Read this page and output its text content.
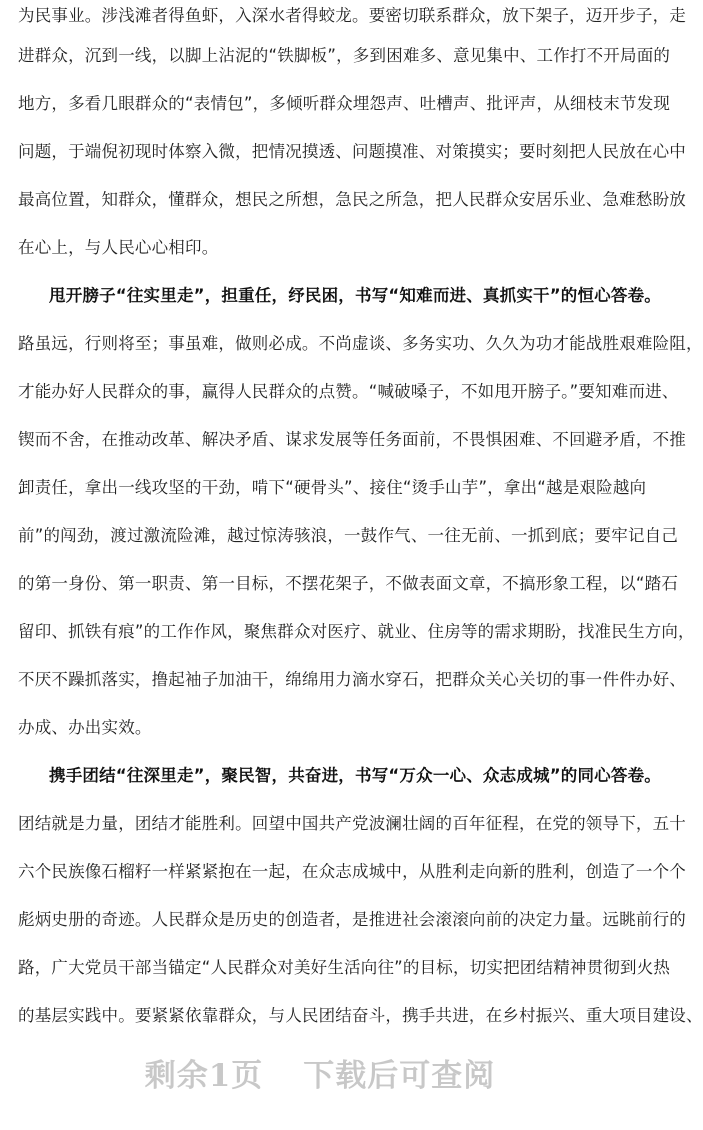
为民事业。涉浅滩者得鱼虾，入深水者得蛟龙。要密切联系群众，放下架子，迈开步子，走
进群众，沉到一线，以脚上沾泥的“铁脚板”，多到困难多、意见集中、工作打不开局面的
地方，多看几眼群众的“表情包”，多倾听群众埋怨声、吐槽声、批评声，从细枝末节发现
问题，于端倪初现时体察入微，把情况摸透、问题摸准、对策摸实；要时刻把人民放在心中
最高位置，知群众，懂群众，想民之所想，急民之所急，把人民群众安居乐业、急难愁盼放
在心上，与人民心心相印。
甩开膀子“往实里走”，担重任，纾民困，书写“知难而进、真抓实干”的恒心答卷。
路虽远，行则将至；事虽难，做则必成。不尚虚谈、多务实功、久久为功才能战胜艰难险阻，
才能办好人民群众的事，赢得人民群众的点赞。“喊破嗓子，不如甩开膀子。”要知难而进、
锲而不舍，在推动改革、解决矛盾、谋求发展等任务面前，不畏惧困难、不回避矛盾，不推
卸责任，拿出一线攻坚的干劲，啃下“硬骨头”、接住“烫手山芋”，拿出“越是艰险越向
前”的闯劲，渡过激流险滩，越过惊涛骇浪，一鼓作气、一往无前、一抓到底；要牢记自己
的第一身份、第一职责、第一目标，不摆花架子，不做表面文章，不搞形象工程，以“踏石
留印、抓铁有痕”的工作作风，聚焦群众对医疗、就业、住房等的需求期盼，找准民生方向，
不厌不躁抓落实，撸起袖子加油干，绵绵用力滴水穿石，把群众关心关切的事一件件办好、
办成、办出实效。
携手团结“往深里走”，聚民智，共奋进，书写“万众一心、众志成城”的同心答卷。
团结就是力量，团结才能胜利。回望中国共产党波澜壮阔的百年征程，在党的领导下，五十
六个民族像石榴籽一样紧紧抱在一起，在众志成城中，从胜利走向新的胜利，创造了一个个
彪炳史册的奇迹。人民群众是历史的创造者，是推进社会滚滚向前的决定力量。远眺前行的
路，广大党员干部当锚定“人民群众对美好生活向往”的目标，切实把团结精神贯彻到火热
的基层实践中。要紧紧依靠群众，与人民团结奋斗，携手共进，在乡村振兴、重大项目建设、
剩余1页 下载后可查阅
